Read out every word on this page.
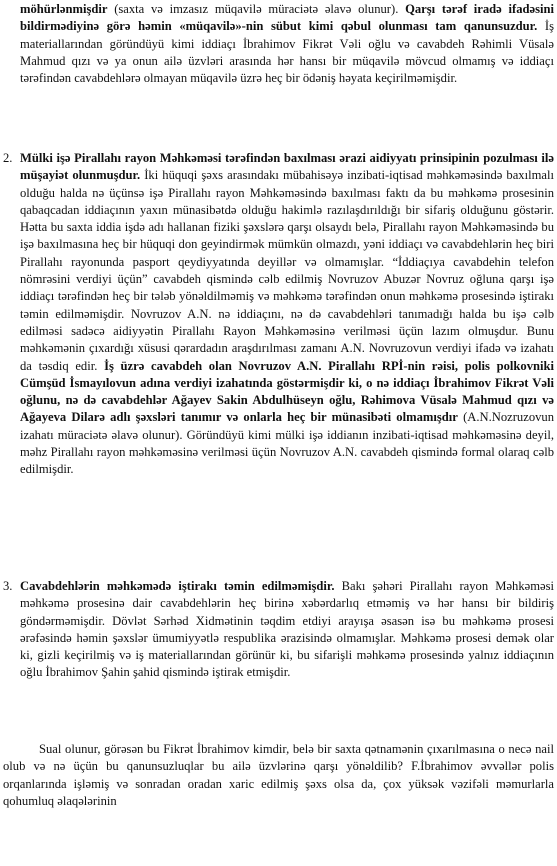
möhürlənmişdir (saxta və imzasız müqavilə müraciətə əlavə olunur). Qarşı tərəf iradə ifadəsini bildirmədiyinə görə həmin «müqavilə»-nin sübut kimi qəbul olunması tam qanunsuzdur. İş materiallarından göründüyü kimi iddiaçı İbrahimov Fikrət Vəli oğlu və cavabdeh Rəhimli Vüsalə Mahmud qızı və ya onun ailə üzvləri arasında hər hansı bir müqavilə mövcud olmamış və iddiaçı tərəfindən cavabdehlərə olmayan müqavilə üzrə heç bir ödəniş həyata keçirilməmişdir.

2. Mülki işə Pirallahı rayon Məhkəməsi tərəfindən baxılması ərazi aidiyyatı prinsipinin pozulması ilə müşayiət olunmuşdur. İki hüquqi şəxs arasındakı mübahisəyə inzibati-iqtisad məhkəməsində baxılmalı olduğu halda nə üçünsə işə Pirallahı rayon Məhkəməsində baxılması faktı da bu məhkəmə prosesinin qabaqcadan iddiaçının yaxın münasibətdə olduğu hakimlə razılaşdırıldığı bir sifariş olduğunu göstərir. Hətta bu saxta iddia işdə adı hallanan fiziki şəxslərə qarşı olsaydı belə, Pirallahı rayon Məhkəməsində bu işə baxılmasına heç bir hüquqi don geyindirmək mümkün olmazdı, yəni iddiaçı və cavabdehlərin heç biri Pirallahı rayonunda pasport qeydiyyatında deyillər və olmamışlar. “İddiaçıya cavabdehin telefon nömrəsini verdiyi üçün” cavabdeh qismində cəlb edilmiş Novruzov Abuzər Novruz oğluna qarşı işə iddiaçı tərəfindən heç bir tələb yönəldilməmiş və məhkəmə tərəfindən onun məhkəmə prosesində iştirakı təmin edilməmişdir. Novruzov A.N. nə iddiaçını, nə də cavabdehləri tanımadığı halda bu işə cəlb edilməsi sadəcə aidiyyətin Pirallahı Rayon Məhkəməsinə verilməsi üçün lazım olmuşdur. Bunu məhkəmənin çıxardığı xüsusi qərardadın araşdırılması zamanı A.N. Novruzovun verdiyi ifadə və izahatı da təsdiq edir. İş üzrə cavabdeh olan Novruzov A.N. Pirallahı RPİ-nin rəisi, polis polkovniki Cümşüd İsmayılovun adına verdiyi izahatında göstərmişdir ki, o nə iddiaçı İbrahimov Fikrət Vəli oğlunu, nə də cavabdehlər Ağayev Sakin Abdulhüseyn oğlu, Rəhimova Vüsalə Mahmud qızı və Ağayeva Dilarə adlı şəxsləri tanımır və onlarla heç bir münasibəti olmamışdır (A.N.Nozruzovun izahatı müraciətə əlavə olunur). Göründüyü kimi mülki işə iddianın inzibati-iqtisad məhkəməsinə deyil, məhz Pirallahı rayon məhkəməsinə verilməsi üçün Novruzov A.N. cavabdeh qismində formal olaraq cəlb edilmişdir.

3. Cavabdehlərin məhkəmədə iştirakı təmin edilməmişdir. Bakı şəhəri Pirallahı rayon Məhkəməsi məhkəmə prosesinə dair cavabdehlərin heç birinə xəbərdarlıq etməmiş və hər hansı bir bildiriş göndərməmişdir. Dövlət Sərhəd Xidmətinin təqdim etdiyi arayışa əsasən isə bu məhkəmə prosesi ərəfəsində həmin şəxslər ümumiyyətlə respublika ərazisində olmamışlar. Məhkəmə prosesi demək olar ki, gizli keçirilmiş və iş materiallarından görünür ki, bu sifarişli məhkəmə prosesində yalnız iddiaçının oğlu İbrahimov Şahin şahid qismində iştirak etmişdir.

Sual olunur, görəsən bu Fikrət İbrahimov kimdir, belə bir saxta qətnamənin çıxarılmasına o necə nail olub və nə üçün bu qanunsuzluqlar bu ailə üzvlərinə qarşı yönəldilib? F.İbrahimov əvvəllər polis orqanlarında işləmiş və sonradan oradan xaric edilmiş şəxs olsa da, çox yüksək vəzifəli məmurlarla qohumluq əlaqələrinin
